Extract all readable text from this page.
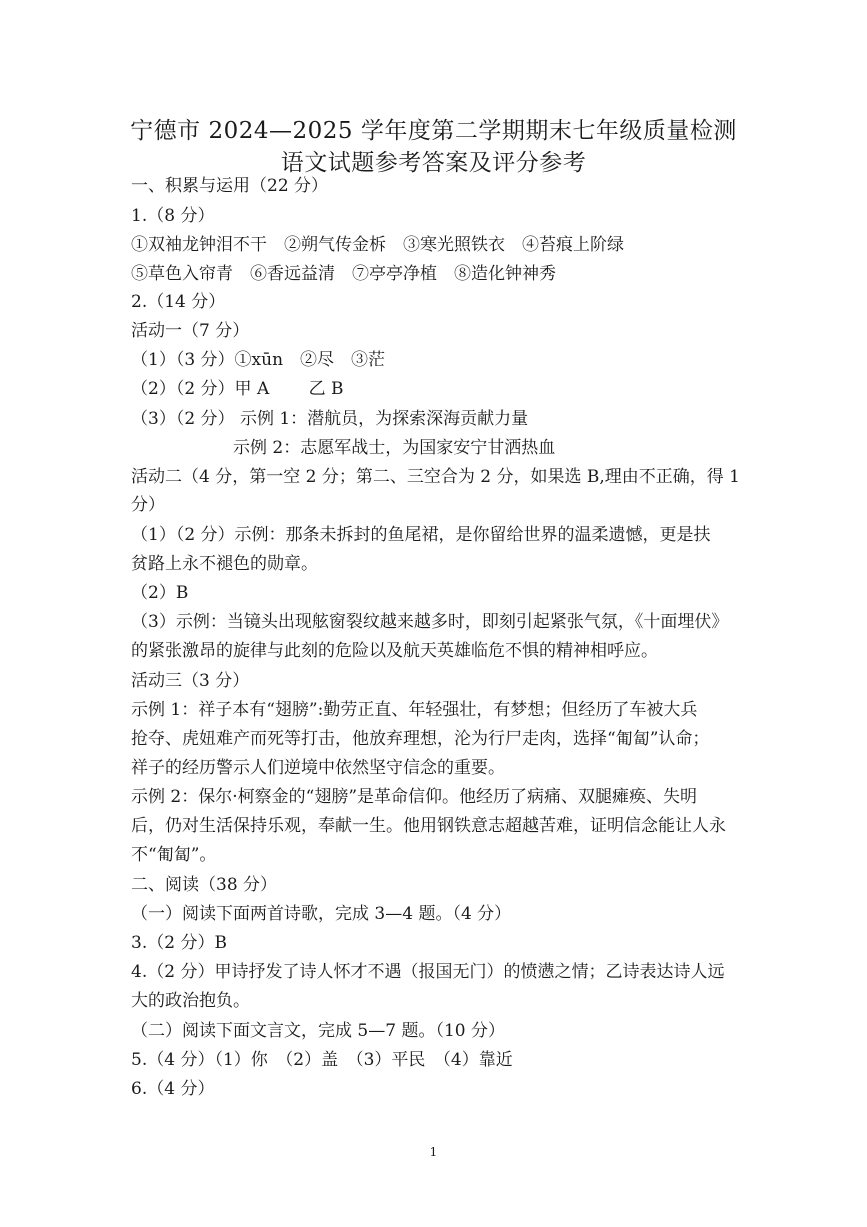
宁德市 2024—2025 学年度第二学期期末七年级质量检测
语文试题参考答案及评分参考
一、积累与运用（22 分）
1.（8 分）
①双袖龙钟泪不干　②朔气传金柝　③寒光照铁衣　④苔痕上阶绿
⑤草色入帘青　⑥香远益清　⑦亭亭净植　⑧造化钟神秀
2.（14 分）
活动一（7 分）
（1）（3 分）①xūn　②尽　③茫
（2）（2 分）甲 A　　 乙 B
（3）（2 分） 示例 1：潜航员，为探索深海贡献力量
　　　　　　示例 2：志愿军战士，为国家安宁甘洒热血
活动二（4 分，第一空 2 分；第二、三空合为 2 分，如果选 B,理由不正确，得 1
分）
（1）（2 分）示例：那条未拆封的鱼尾裙，是你留给世界的温柔遗憾，更是扶
贫路上永不褪色的勋章。
（2）B
（3）示例：当镜头出现舷窗裂纹越来越多时，即刻引起紧张气氛，《十面埋伏》
的紧张激昂的旋律与此刻的危险以及航天英雄临危不惧的精神相呼应。
活动三（3 分）
示例 1：祥子本有“翅膀”:勤劳正直、年轻强壮，有梦想；但经历了车被大兵
抢夺、虎妞难产而死等打击，他放弃理想，沦为行尸走肉，选择“匍匐”认命；
祥子的经历警示人们逆境中依然坚守信念的重要。
示例 2：保尔·柯察金的“翅膀”是革命信仰。他经历了病痛、双腿瘫痪、失明
后，仍对生活保持乐观，奉献一生。他用钢铁意志超越苦难，证明信念能让人永
不“匍匐”。
二、阅读（38 分）
（一）阅读下面两首诗歌，完成 3—4 题。（4 分）
3.（2 分）B
4.（2 分）甲诗抒发了诗人怀才不遇（报国无门）的愤懑之情；乙诗表达诗人远
大的政治抱负。
（二）阅读下面文言文，完成 5—7 题。（10 分）
5.（4 分）（1）你　（2）盖　（3）平民　（4）靠近
6.（4 分）
1
